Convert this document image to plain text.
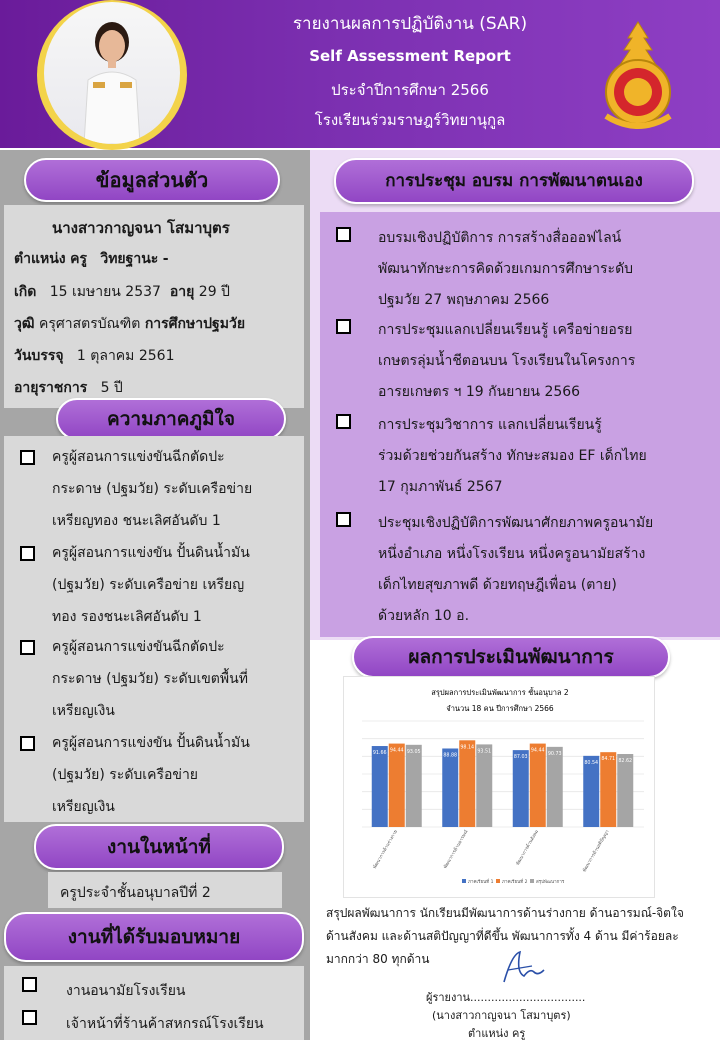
รายงานผลการปฏิบัติงาน (SAR)
Self Assessment Report
ประจำปีการศึกษา 2566
โรงเรียนร่วมราษฎร์วิทยานุกูล
ข้อมูลส่วนตัว
นางสาวกาญจนา โสมาบุตร
ตำแหน่ง ครู วิทยฐานะ -
เกิด 15 เมษายน 2537 อายุ 29 ปี
วุฒิ ครุศาสตรบัณฑิต การศึกษาปฐมวัย
วันบรรจุ 1 ตุลาคม 2561
อายุราชการ 5 ปี
ความภาคภูมิใจ
ครูผู้สอนการแข่งขันฉีกตัดปะ
กระดาษ (ปฐมวัย) ระดับเครือข่าย
เหรียญทอง ชนะเลิศอันดับ 1
ครูผู้สอนการแข่งขัน ปั้นดินน้ำมัน
(ปฐมวัย) ระดับเครือข่าย เหรียญ
ทอง รองชนะเลิศอันดับ 1
ครูผู้สอนการแข่งขันฉีกตัดปะ
กระดาษ (ปฐมวัย) ระดับเขตพื้นที่
เหรียญเงิน
ครูผู้สอนการแข่งขัน ปั้นดินน้ำมัน
(ปฐมวัย) ระดับเครือข่าย
เหรียญเงิน
งานในหน้าที่
ครูประจำชั้นอนุบาลปีที่ 2
งานที่ได้รับมอบหมาย
งานอนามัยโรงเรียน
เจ้าหน้าที่ร้านค้าสหกรณ์โรงเรียน
การประชุม อบรม การพัฒนาตนเอง
อบรมเชิงปฏิบัติการ การสร้างสื่อออฟไลน์
พัฒนาทักษะการคิดด้วยเกมการศึกษาระดับ
ปฐมวัย 27 พฤษภาคม 2566
การประชุมแลกเปลี่ยนเรียนรู้ เครือข่ายอรย
เกษตรลุ่มน้ำชีตอนบน โรงเรียนในโครงการ
อารยเกษตร ฯ 19 กันยายน 2566
การประชุมวิชาการ แลกเปลี่ยนเรียนรู้
ร่วมด้วยช่วยกันสร้าง ทักษะสมอง EF เด็กไทย
17 กุมภาพันธ์ 2567
ประชุมเชิงปฏิบัติการพัฒนาศักยภาพครูอนามัย
หนึ่งอำเภอ หนึ่งโรงเรียน หนึ่งครูอนามัยสร้าง
เด็กไทยสุขภาพดี ด้วยทฤษฎีเพื่อน (ตาย)
ด้วยหลัก 10 อ.
ผลการประเมินพัฒนาการ
สรุปผลการประเมินพัฒนาการ ชั้นอนุบาล 2
จำนวน 18 คน ปีการศึกษา 2566
91.66 94.44 93.05
88.88
98.14
93.51
87.03
94.44
90.73
80.54
84.71 82.62
พัฒนาการด้านร่างกาย	พัฒนาการด้านอารมณ์	พัฒนาการด้านสังคม	พัฒนาการด้านสติปัญญา
ภาคเรียนที่ 1 ภาคเรียนที่ 2 สรุปพัฒนาการ
สรุปผลพัฒนาการ นักเรียนมีพัฒนาการด้านร่างกาย ด้านอารมณ์-จิตใจ
ด้านสังคม และด้านสติปัญญาที่ดีขึ้น พัฒนาการทั้ง 4 ด้าน มีค่าร้อยละ
มากกว่า 80 ทุกด้าน
ผู้รายงาน.................................
(นางสาวกาญจนา โสมาบุตร)
ตำแหน่ง ครู
